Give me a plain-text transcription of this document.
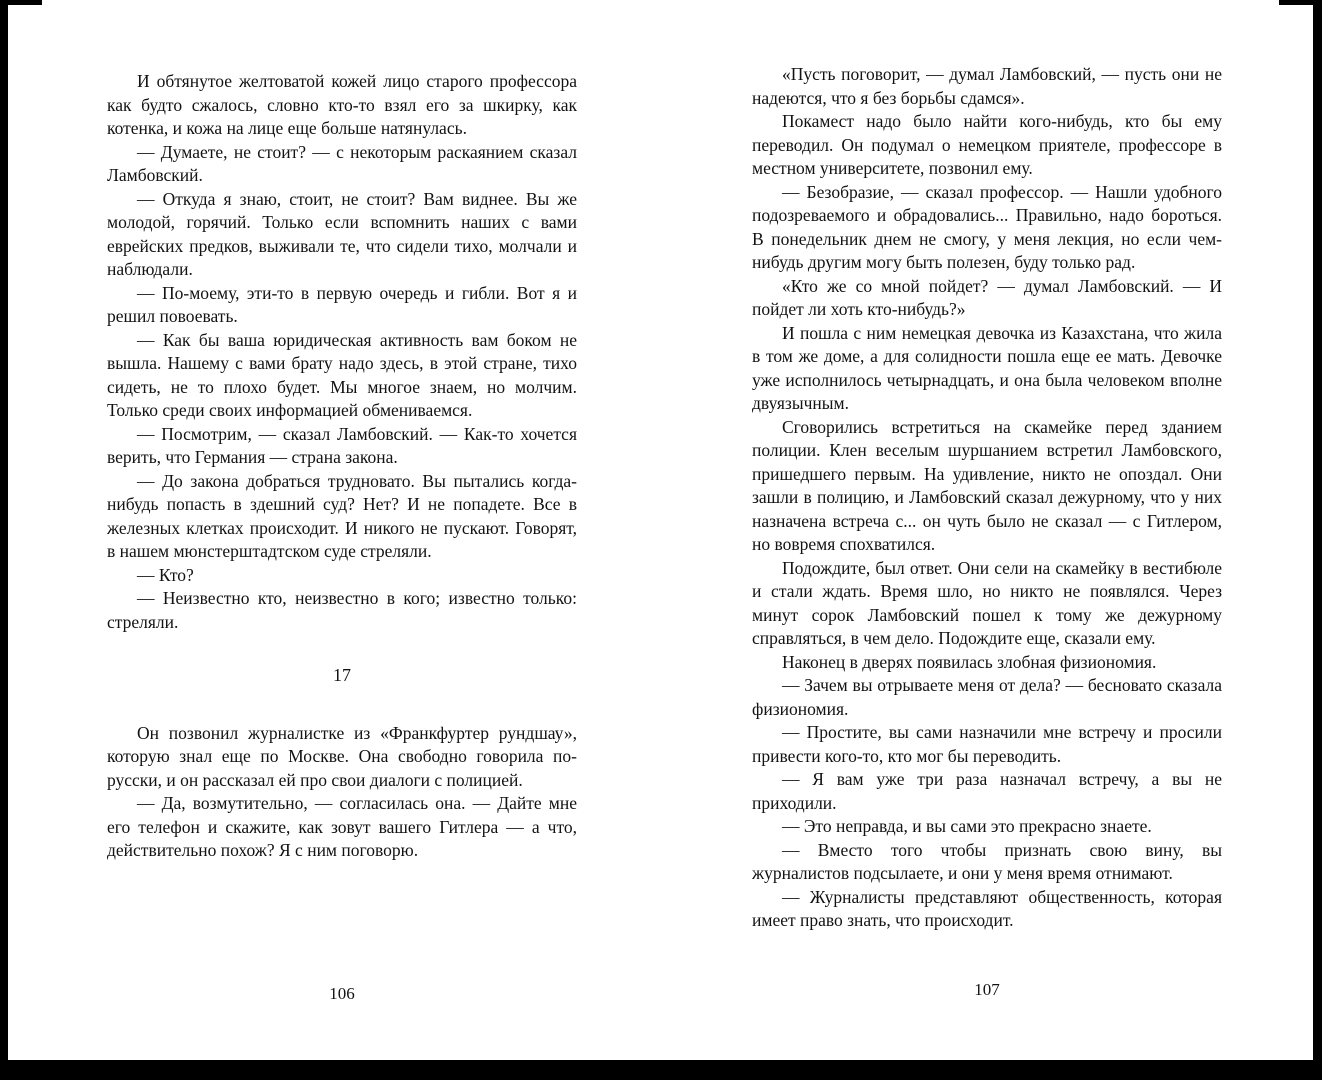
И обтянутое желтоватой кожей лицо старого профессора как будто сжалось, словно кто-то взял его за шкирку, как котенка, и кожа на лице еще больше натянулась.

— Думаете, не стоит? — с некоторым раскаянием сказал Ламбовский.

— Откуда я знаю, стоит, не стоит? Вам виднее. Вы же молодой, горячий. Только если вспомнить наших с вами еврейских предков, выживали те, что сидели тихо, молчали и наблюдали.

— По-моему, эти-то в первую очередь и гибли. Вот я и решил повоевать.

— Как бы ваша юридическая активность вам боком не вышла. Нашему с вами брату надо здесь, в этой стране, тихо сидеть, не то плохо будет. Мы многое знаем, но молчим. Только среди своих информацией обмениваемся.

— Посмотрим, — сказал Ламбовский. — Как-то хочется верить, что Германия — страна закона.

— До закона добраться трудновато. Вы пытались когда-нибудь попасть в здешний суд? Нет? И не попадете. Все в железных клетках происходит. И никого не пускают. Говорят, в нашем мюнстерштадтском суде стреляли.

— Кто?

— Неизвестно кто, неизвестно в кого; известно только: стреляли.

17

Он позвонил журналистке из «Франкфуртер рундшау», которую знал еще по Москве. Она свободно говорила по-русски, и он рассказал ей про свои диалоги с полицией.

— Да, возмутительно, — согласилась она. — Дайте мне его телефон и скажите, как зовут вашего Гитлера — а что, действительно похож? Я с ним поговорю.

106

«Пусть поговорит, — думал Ламбовский, — пусть они не надеются, что я без борьбы сдамся».

Покамест надо было найти кого-нибудь, кто бы ему переводил. Он подумал о немецком приятеле, профессоре в местном университете, позвонил ему.

— Безобразие, — сказал профессор. — Нашли удобного подозреваемого и обрадовались... Правильно, надо бороться. В понедельник днем не смогу, у меня лекция, но если чем-нибудь другим могу быть полезен, буду только рад.

«Кто же со мной пойдет? — думал Ламбовский. — И пойдет ли хоть кто-нибудь?»

И пошла с ним немецкая девочка из Казахстана, что жила в том же доме, а для солидности пошла еще ее мать. Девочке уже исполнилось четырнадцать, и она была человеком вполне двуязычным.

Сговорились встретиться на скамейке перед зданием полиции. Клен веселым шуршанием встретил Ламбовского, пришедшего первым. На удивление, никто не опоздал. Они зашли в полицию, и Ламбовский сказал дежурному, что у них назначена встреча с... он чуть было не сказал — с Гитлером, но вовремя спохватился.

Подождите, был ответ. Они сели на скамейку в вестибюле и стали ждать. Время шло, но никто не появлялся. Через минут сорок Ламбовский пошел к тому же дежурному справляться, в чем дело. Подождите еще, сказали ему.

Наконец в дверях появилась злобная физиономия.

— Зачем вы отрываете меня от дела? — бесновато сказала физиономия.

— Простите, вы сами назначили мне встречу и просили привести кого-то, кто мог бы переводить.

— Я вам уже три раза назначал встречу, а вы не приходили.

— Это неправда, и вы сами это прекрасно знаете.

— Вместо того чтобы признать свою вину, вы журналистов подсылаете, и они у меня время отнимают.

— Журналисты представляют общественность, которая имеет право знать, что происходит.

107
